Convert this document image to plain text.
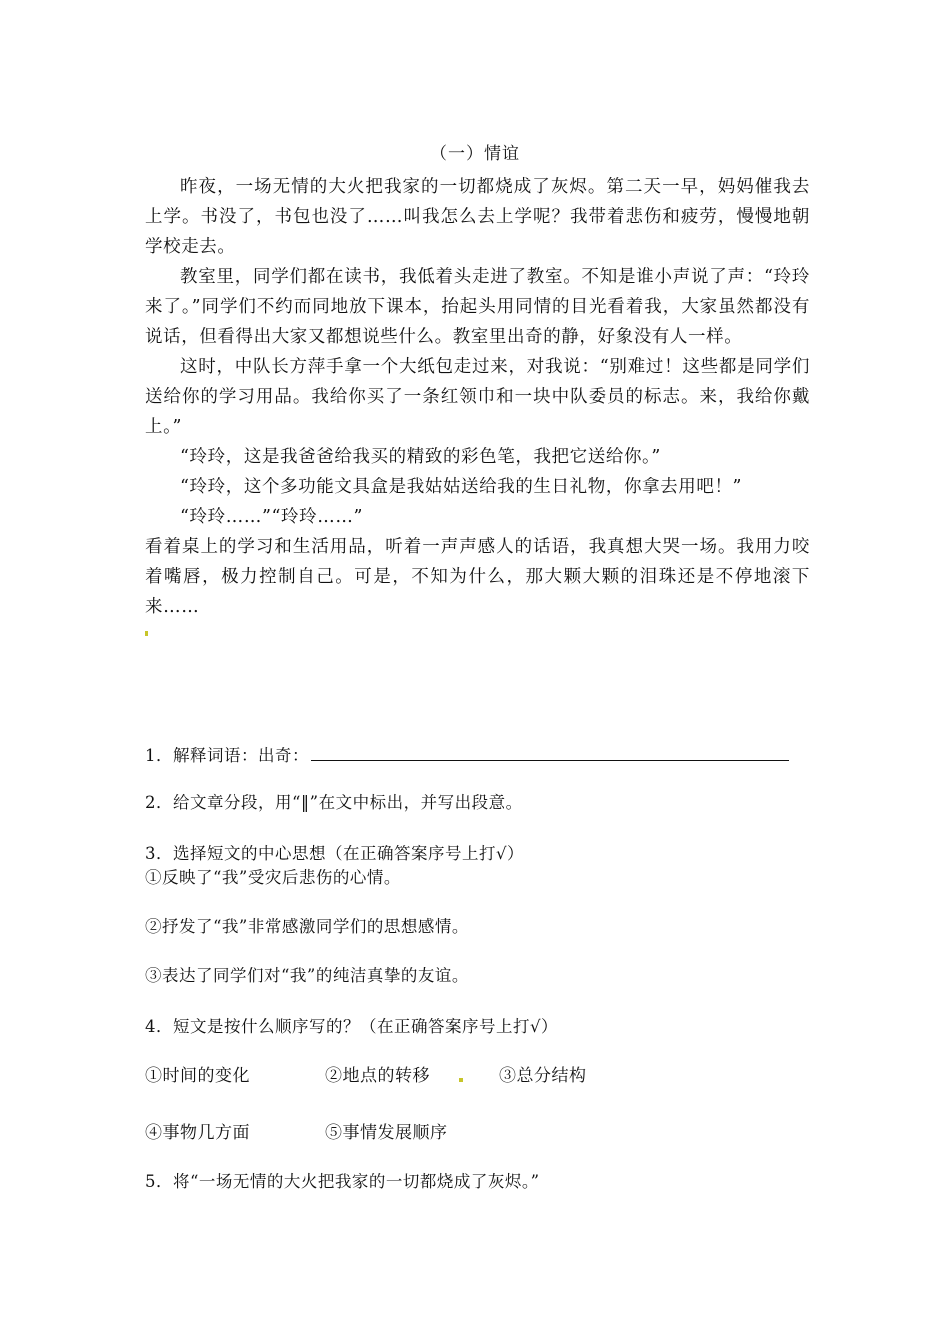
（一）情谊

昨夜，一场无情的大火把我家的一切都烧成了灰烬。第二天一早，妈妈催我去上学。书没了，书包也没了……叫我怎么去上学呢？我带着悲伤和疲劳，慢慢地朝学校走去。

教室里，同学们都在读书，我低着头走进了教室。不知是谁小声说了声：“玲玲来了。”同学们不约而同地放下课本，抬起头用同情的目光看着我，大家虽然都没有说话，但看得出大家又都想说些什么。教室里出奇的静，好象没有人一样。

这时，中队长方萍手拿一个大纸包走过来，对我说：“别难过！这些都是同学们送给你的学习用品。我给你买了一条红领巾和一块中队委员的标志。来，我给你戴上。”

“玲玲，这是我爸爸给我买的精致的彩色笔，我把它送给你。”

“玲玲，这个多功能文具盒是我姑姑送给我的生日礼物，你拿去用吧！”

“玲玲……”“玲玲……”

看着桌上的学习和生活用品，听着一声声感人的话语，我真想大哭一场。我用力咬着嘴唇，极力控制自己。可是，不知为什么，那大颗大颗的泪珠还是不停地滚下来……

1．解释词语：出奇：
2．给文章分段，用“‖”在文中标出，并写出段意。
3．选择短文的中心思想（在正确答案序号上打√）
①反映了“我”受灾后悲伤的心情。
②抒发了“我”非常感激同学们的思想感情。
③表达了同学们对“我”的纯洁真挚的友谊。
4．短文是按什么顺序写的？（在正确答案序号上打√）
①时间的变化	②地点的转移	③总分结构
④事物几方面	⑤事情发展顺序
5．将“一场无情的大火把我家的一切都烧成了灰烬。”
